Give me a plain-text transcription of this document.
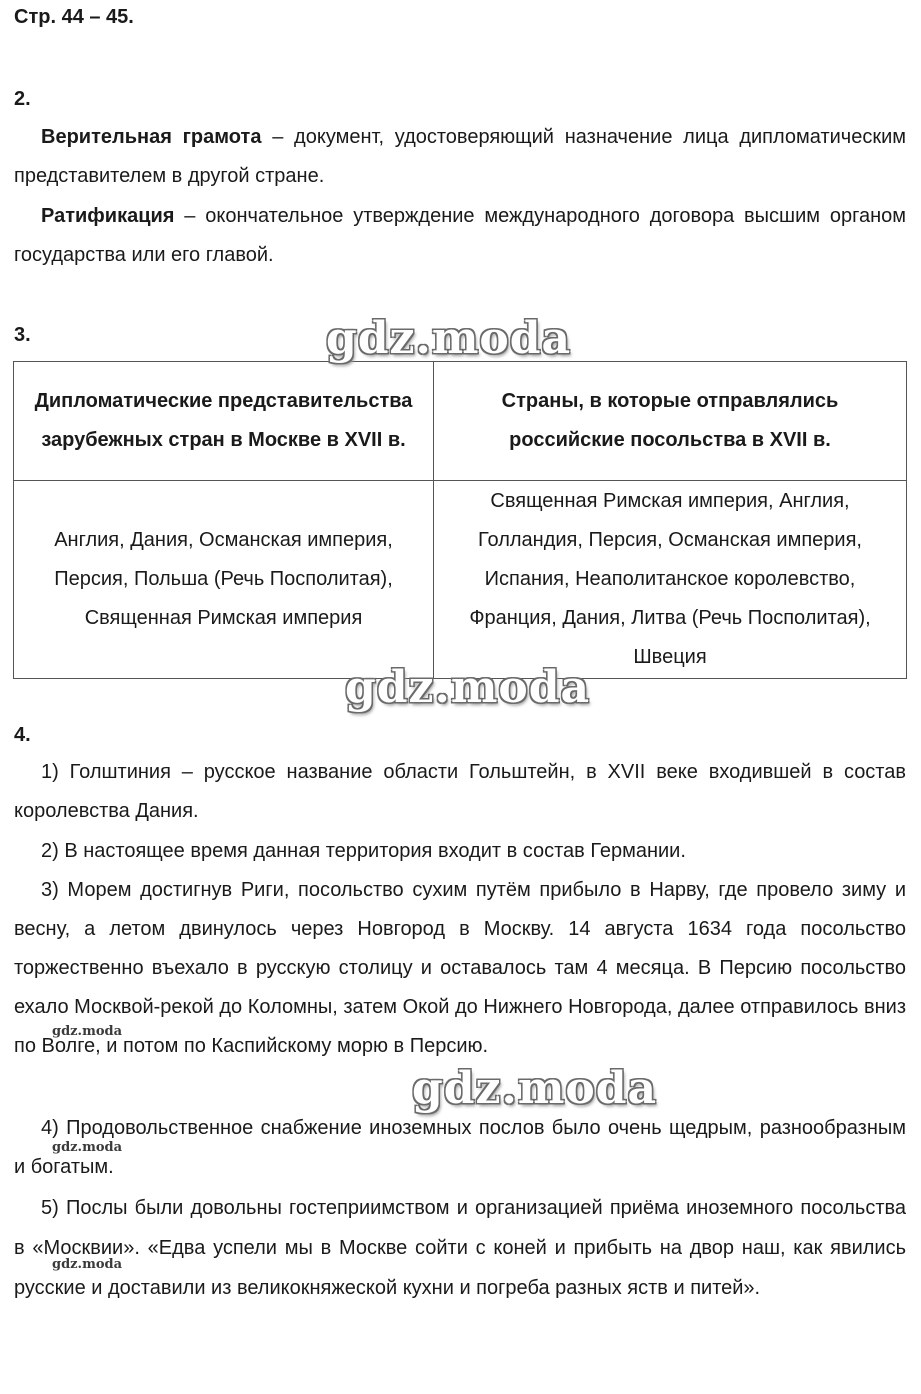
Стр. 44 – 45.
2.
Верительная грамота – документ, удостоверяющий назначение лица дипломатическим представителем в другой стране.
Ратификация – окончательное утверждение международного договора высшим органом государства или его главой.
3.
Дипломатические представительства зарубежных стран в Москве в XVII в.	Страны, в которые отправлялись российские посольства в XVII в.
Англия, Дания, Османская империя, Персия, Польша (Речь Посполитая), Священная Римская империя	Священная Римская империя, Англия, Голландия, Персия, Османская империя, Испания, Неаполитанское королевство, Франция, Дания, Литва (Речь Посполитая), Швеция
4.
1) Голштиния – русское название области Гольштейн, в XVII веке входившей в состав королевства Дания.
2) В настоящее время данная территория входит в состав Германии.
3) Морем достигнув Риги, посольство сухим путём прибыло в Нарву, где провело зиму и весну, а летом двинулось через Новгород в Москву. 14 августа 1634 года посольство торжественно въехало в русскую столицу и оставалось там 4 месяца. В Персию посольство ехало Москвой-рекой до Коломны, затем Окой до Нижнего Новгорода, далее отправилось вниз по Волге, и потом по Каспийскому морю в Персию.
4) Продовольственное снабжение иноземных послов было очень щедрым, разнообразным и богатым.
5) Послы были довольны гостеприимством и организацией приёма иноземного посольства в «Москвии». «Едва успели мы в Москве сойти с коней и прибыть на двор наш, как явились русские и доставили из великокняжеской кухни и погреба разных яств и питей».
gdz.moda
gdz.moda
gdz.moda
gdz.moda
gdz.moda
gdz.moda
